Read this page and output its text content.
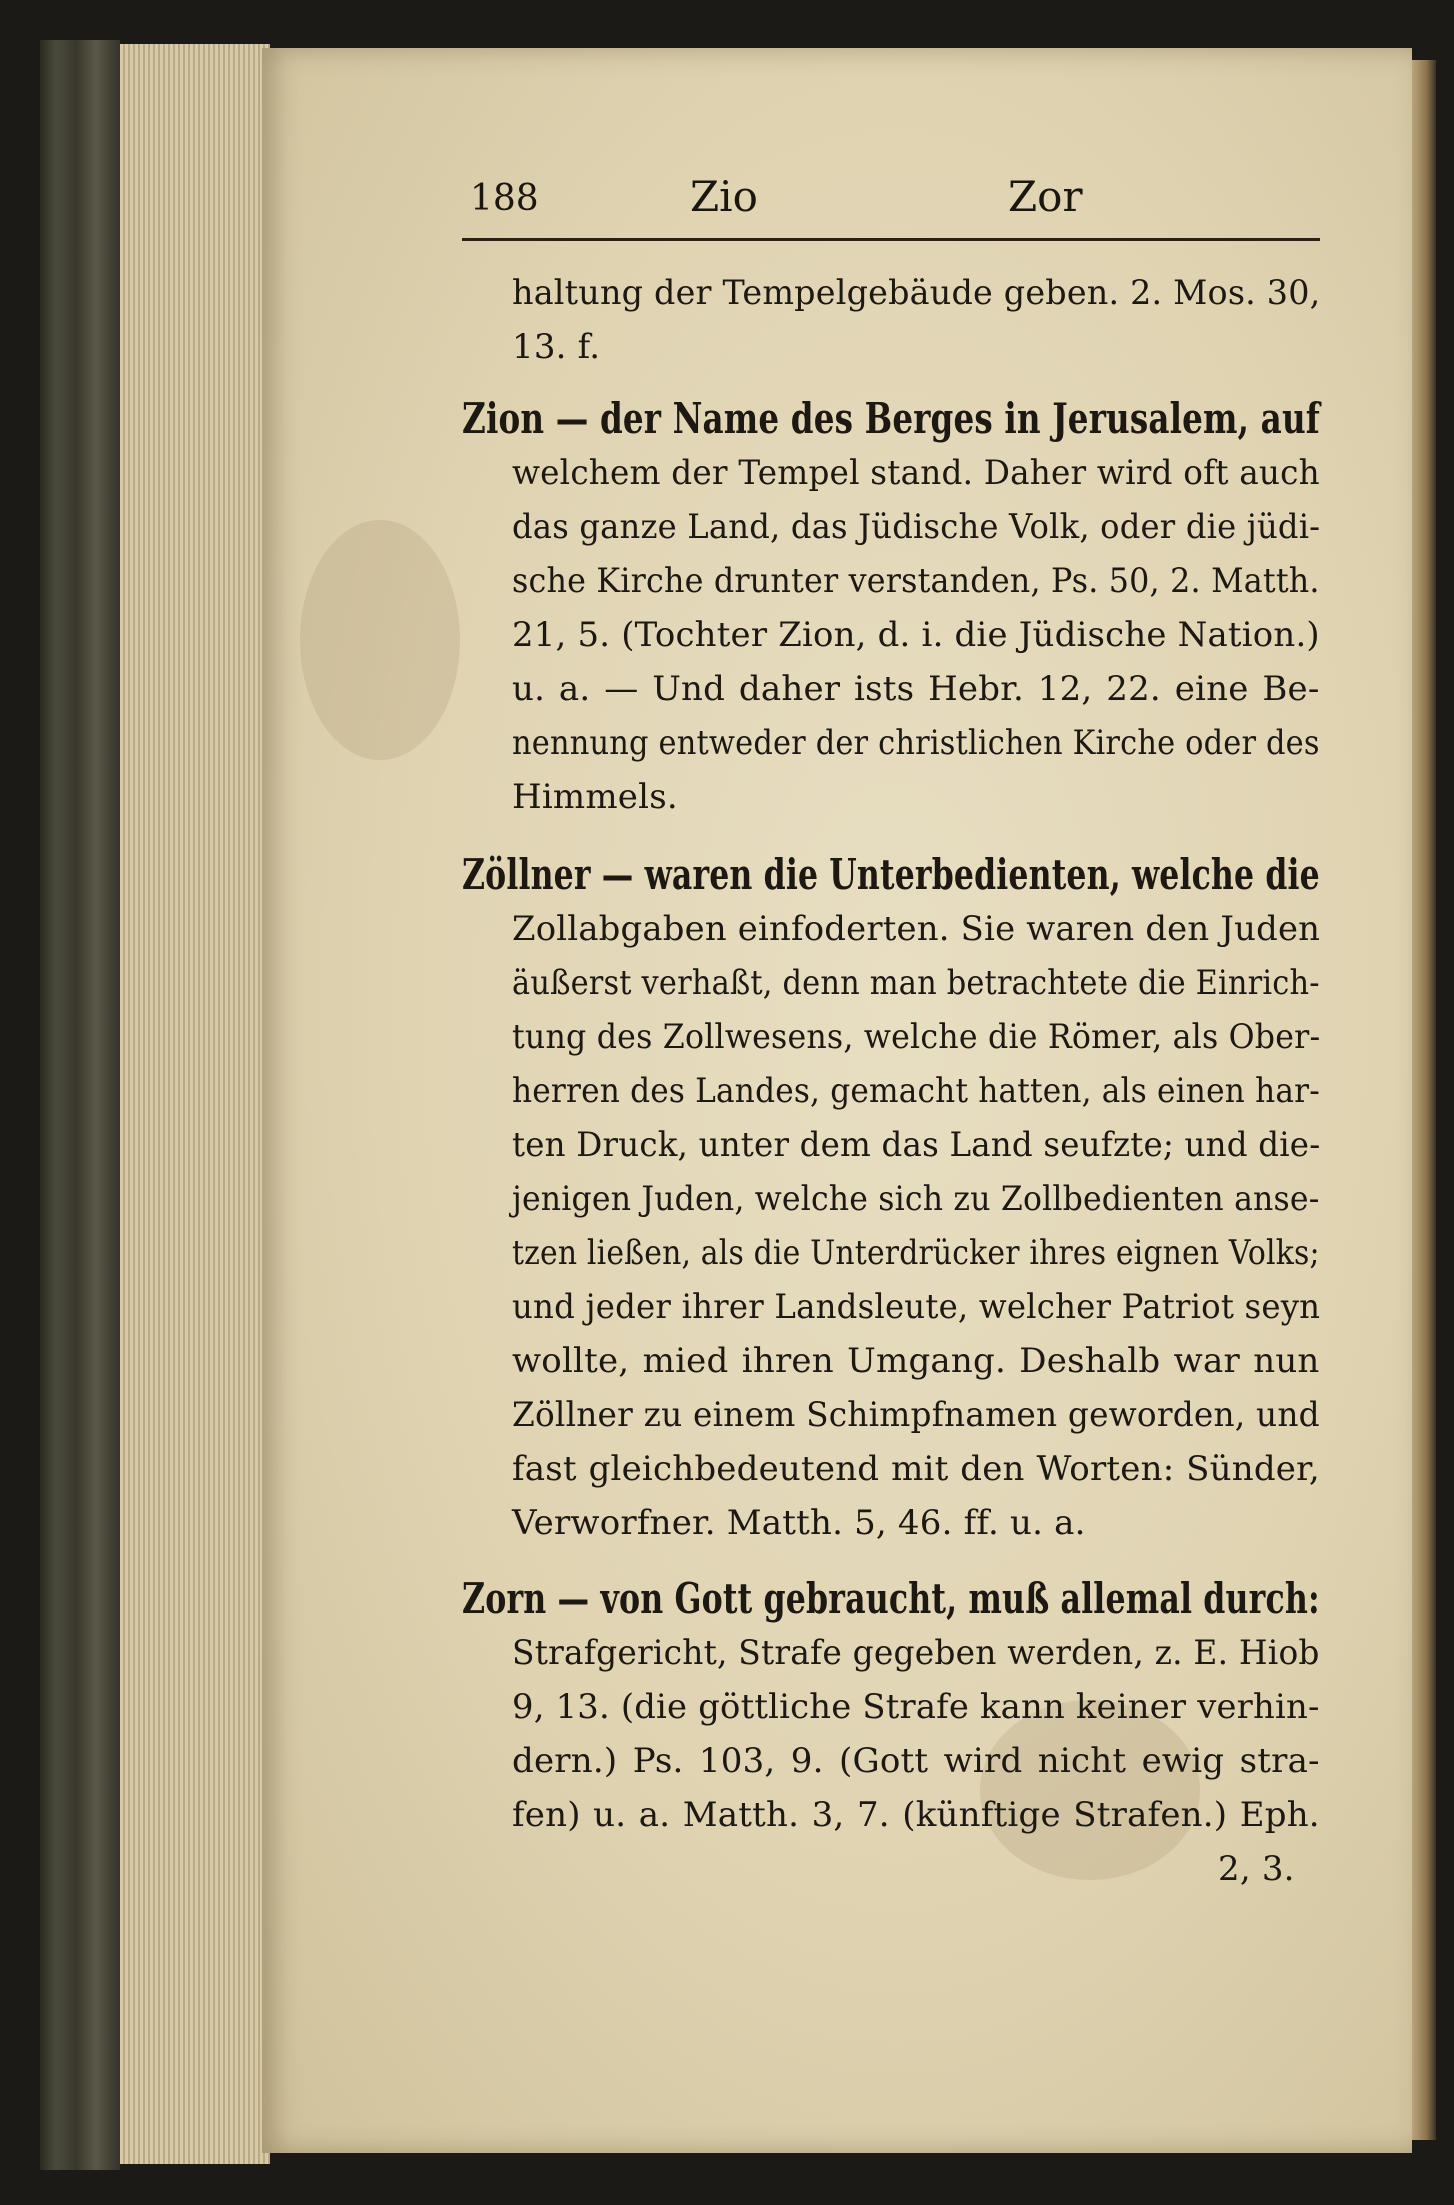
188	Zio	Zor
haltung der Tempelgebäude geben. 2. Mos. 30,
13. f.
Zion — der Name des Berges in Jerusalem, auf
welchem der Tempel stand. Daher wird oft auch
das ganze Land, das Jüdische Volk, oder die jüdi-
sche Kirche drunter verstanden, Ps. 50, 2. Matth.
21, 5. (Tochter Zion, d. i. die Jüdische Nation.)
u. a. — Und daher ists Hebr. 12, 22. eine Be-
nennung entweder der christlichen Kirche oder des
Himmels.
Zöllner — waren die Unterbedienten, welche die
Zollabgaben einfoderten. Sie waren den Juden
äußerst verhaßt, denn man betrachtete die Einrich-
tung des Zollwesens, welche die Römer, als Ober-
herren des Landes, gemacht hatten, als einen har-
ten Druck, unter dem das Land seufzte; und die-
jenigen Juden, welche sich zu Zollbedienten anse-
tzen ließen, als die Unterdrücker ihres eignen Volks;
und jeder ihrer Landsleute, welcher Patriot seyn
wollte, mied ihren Umgang. Deshalb war nun
Zöllner zu einem Schimpfnamen geworden, und
fast gleichbedeutend mit den Worten: Sünder,
Verworfner. Matth. 5, 46. ff. u. a.
Zorn — von Gott gebraucht, muß allemal durch:
Strafgericht, Strafe gegeben werden, z. E. Hiob
9, 13. (die göttliche Strafe kann keiner verhin-
dern.) Ps. 103, 9. (Gott wird nicht ewig stra-
fen) u. a. Matth. 3, 7. (künftige Strafen.) Eph.
2, 3.
